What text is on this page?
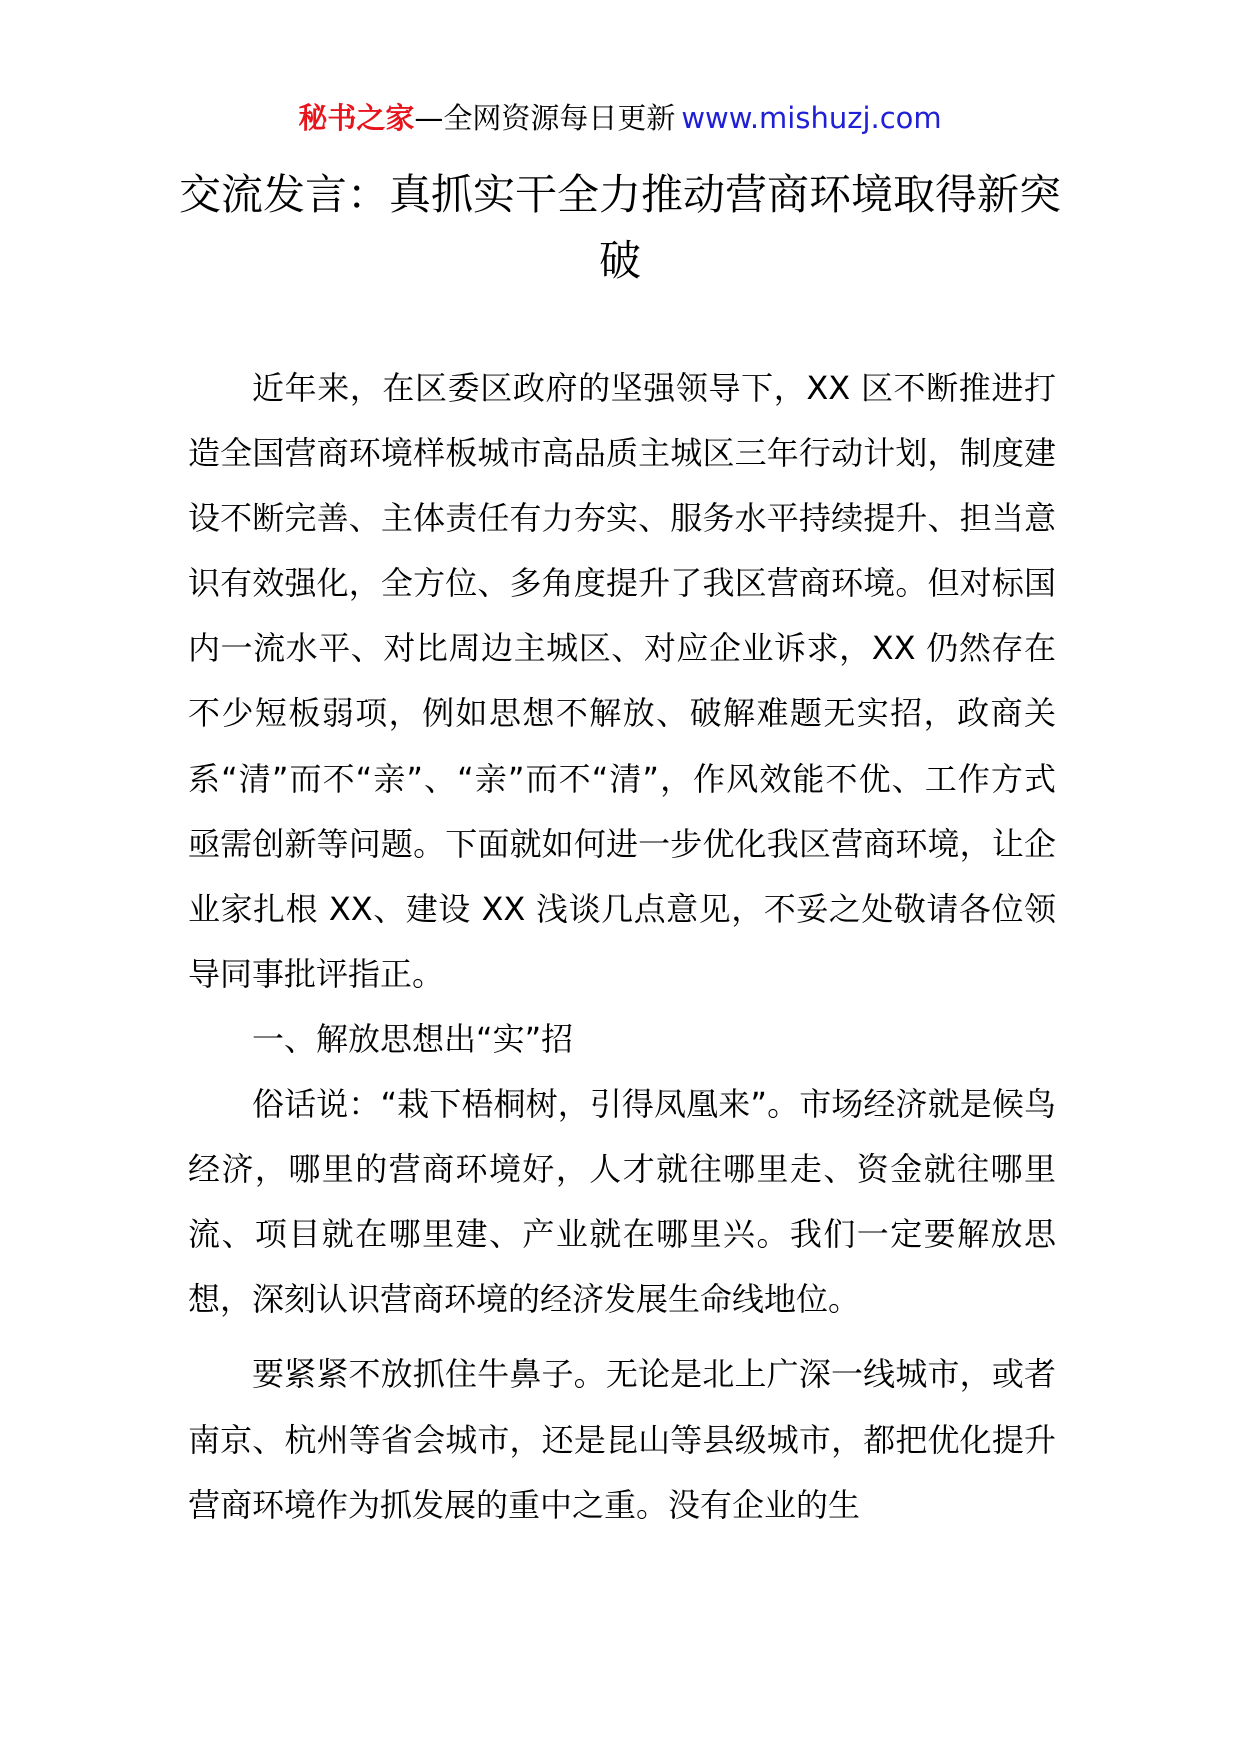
秘书之家—全网资源每日更新 www.mishuzj.com
交流发言：真抓实干全力推动营商环境取得新突破

近年来，在区委区政府的坚强领导下，XX 区不断推进打造全国营商环境样板城市高品质主城区三年行动计划，制度建设不断完善、主体责任有力夯实、服务水平持续提升、担当意识有效强化，全方位、多角度提升了我区营商环境。但对标国内一流水平、对比周边主城区、对应企业诉求，XX 仍然存在不少短板弱项，例如思想不解放、破解难题无实招，政商关系“清”而不“亲”、“亲”而不“清”，作风效能不优、工作方式亟需创新等问题。下面就如何进一步优化我区营商环境，让企业家扎根 XX、建设 XX 浅谈几点意见，不妥之处敬请各位领导同事批评指正。

一、解放思想出“实”招

俗话说：“栽下梧桐树，引得凤凰来”。市场经济就是候鸟经济，哪里的营商环境好，人才就往哪里走、资金就往哪里流、项目就在哪里建、产业就在哪里兴。我们一定要解放思想，深刻认识营商环境的经济发展生命线地位。

要紧紧不放抓住牛鼻子。无论是北上广深一线城市，或者南京、杭州等省会城市，还是昆山等县级城市，都把优化提升营商环境作为抓发展的重中之重。没有企业的生
